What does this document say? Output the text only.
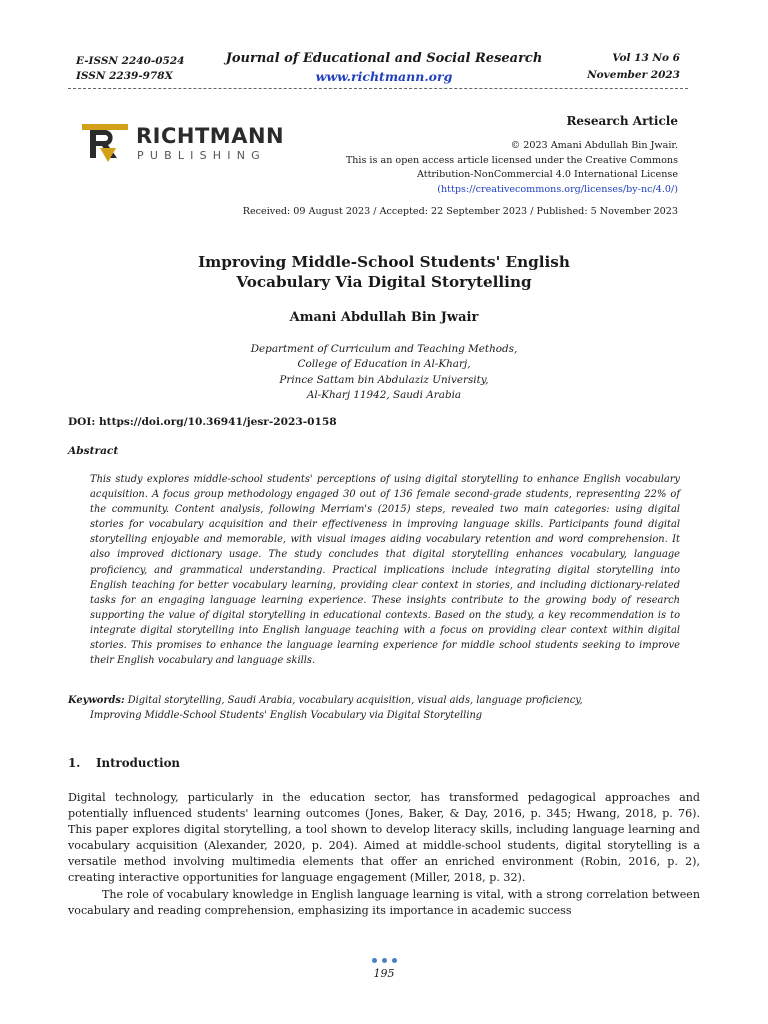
E-ISSN 2240-0524
ISSN 2239-978X
Journal of Educational and Social Research
www.richtmann.org
Vol 13 No 6
November 2023
RICHTMANN
PUBLISHING
Research Article
© 2023 Amani Abdullah Bin Jwair.
This is an open access article licensed under the Creative Commons
Attribution-NonCommercial 4.0 International License
(https://creativecommons.org/licenses/by-nc/4.0/)
Received: 09 August 2023 / Accepted: 22 September 2023 / Published: 5 November 2023
Improving Middle-School Students' English
Vocabulary Via Digital Storytelling
Amani Abdullah Bin Jwair
Department of Curriculum and Teaching Methods,
College of Education in Al-Kharj,
Prince Sattam bin Abdulaziz University,
Al-Kharj 11942, Saudi Arabia
DOI: https://doi.org/10.36941/jesr-2023-0158
Abstract
This study explores middle-school students' perceptions of using digital storytelling to enhance English vocabulary acquisition. A focus group methodology engaged 30 out of 136 female second-grade students, representing 22% of the community. Content analysis, following Merriam's (2015) steps, revealed two main categories: using digital stories for vocabulary acquisition and their effectiveness in improving language skills. Participants found digital storytelling enjoyable and memorable, with visual images aiding vocabulary retention and word comprehension. It also improved dictionary usage. The study concludes that digital storytelling enhances vocabulary, language proficiency, and grammatical understanding. Practical implications include integrating digital storytelling into English teaching for better vocabulary learning, providing clear context in stories, and including dictionary-related tasks for an engaging language learning experience. These insights contribute to the growing body of research supporting the value of digital storytelling in educational contexts. Based on the study, a key recommendation is to integrate digital storytelling into English language teaching with a focus on providing clear context within digital stories. This promises to enhance the language learning experience for middle school students seeking to improve their English vocabulary and language skills.
Keywords: Digital storytelling, Saudi Arabia, vocabulary acquisition, visual aids, language proficiency,
Improving Middle-School Students' English Vocabulary via Digital Storytelling
1. Introduction

Digital technology, particularly in the education sector, has transformed pedagogical approaches and potentially influenced students' learning outcomes (Jones, Baker, & Day, 2016, p. 345; Hwang, 2018, p. 76). This paper explores digital storytelling, a tool shown to develop literacy skills, including language learning and vocabulary acquisition (Alexander, 2020, p. 204). Aimed at middle-school students, digital storytelling is a versatile method involving multimedia elements that offer an enriched environment (Robin, 2016, p. 2), creating interactive opportunities for language engagement (Miller, 2018, p. 32).

The role of vocabulary knowledge in English language learning is vital, with a strong correlation between vocabulary and reading comprehension, emphasizing its importance in academic success

195
